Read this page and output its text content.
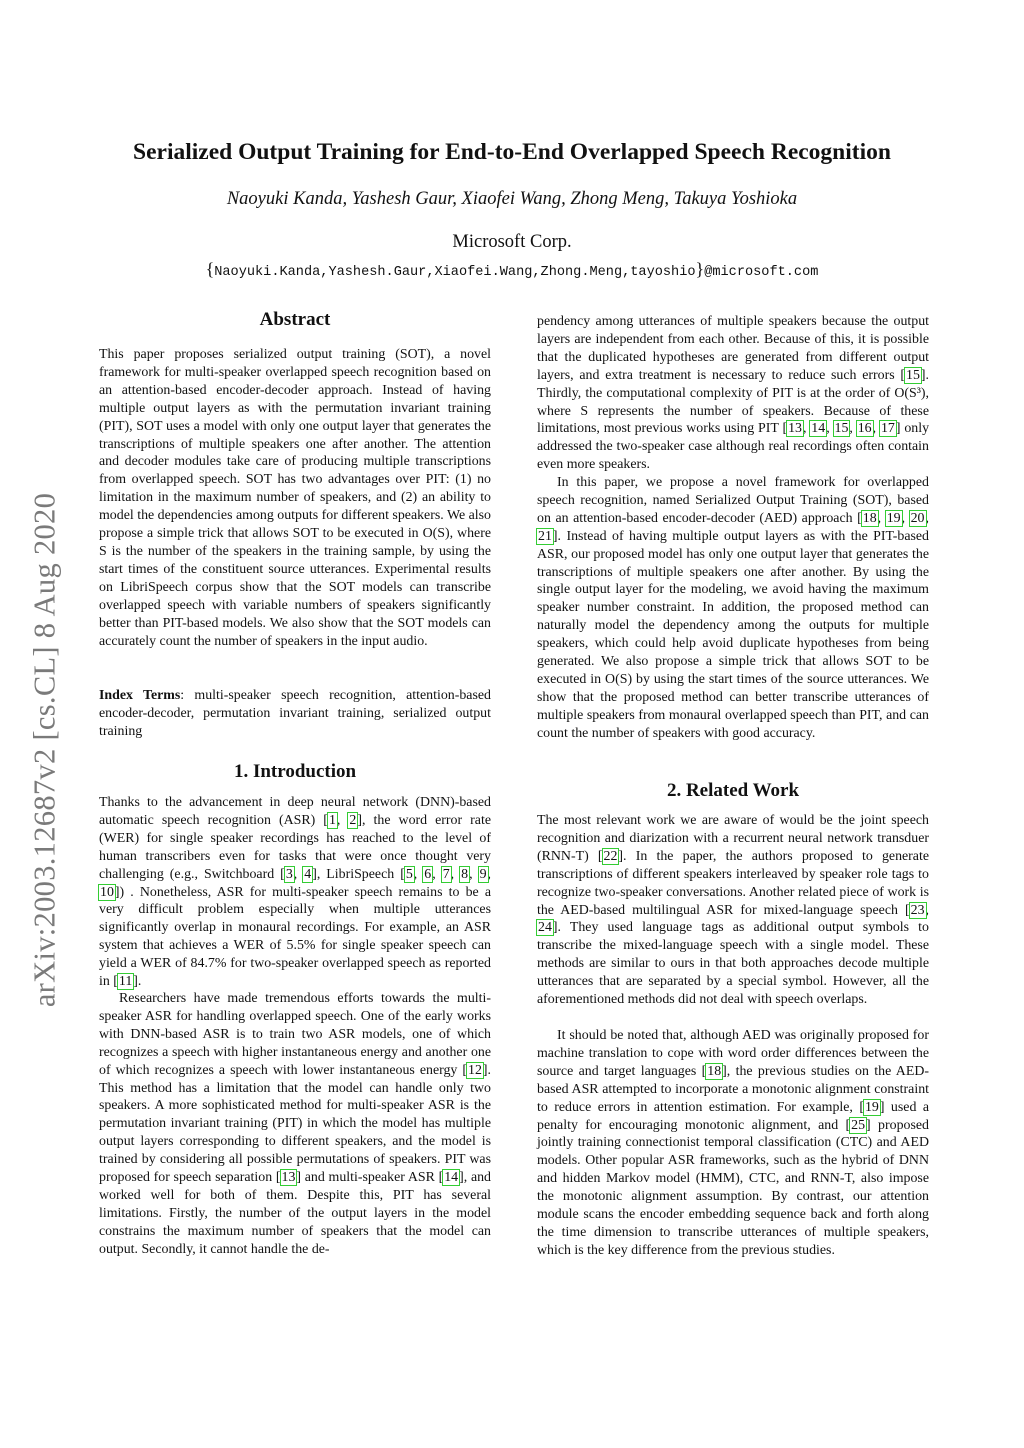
arXiv:2003.12687v2 [cs.CL] 8 Aug 2020
Serialized Output Training for End-to-End Overlapped Speech Recognition
Naoyuki Kanda, Yashesh Gaur, Xiaofei Wang, Zhong Meng, Takuya Yoshioka
Microsoft Corp.
{Naoyuki.Kanda,Yashesh.Gaur,Xiaofei.Wang,Zhong.Meng,tayoshio}@microsoft.com
Abstract

This paper proposes serialized output training (SOT), a novel framework for multi-speaker overlapped speech recognition based on an attention-based encoder-decoder approach. Instead of having multiple output layers as with the permutation invariant training (PIT), SOT uses a model with only one output layer that generates the transcriptions of multiple speakers one after another. The attention and decoder modules take care of producing multiple transcriptions from overlapped speech. SOT has two advantages over PIT: (1) no limitation in the maximum number of speakers, and (2) an ability to model the dependencies among outputs for different speakers. We also propose a simple trick that allows SOT to be executed in O(S), where S is the number of the speakers in the training sample, by using the start times of the constituent source utterances. Experimental results on LibriSpeech corpus show that the SOT models can transcribe overlapped speech with variable numbers of speakers significantly better than PIT-based models. We also show that the SOT models can accurately count the number of speakers in the input audio.

Index Terms: multi-speaker speech recognition, attention-based encoder-decoder, permutation invariant training, serialized output training

1. Introduction

Thanks to the advancement in deep neural network (DNN)-based automatic speech recognition (ASR) [1, 2], the word error rate (WER) for single speaker recordings has reached to the level of human transcribers even for tasks that were once thought very challenging (e.g., Switchboard [3, 4], LibriSpeech [5, 6, 7, 8, 9, 10]) . Nonetheless, ASR for multi-speaker speech remains to be a very difficult problem especially when multiple utterances significantly overlap in monaural recordings. For example, an ASR system that achieves a WER of 5.5% for single speaker speech can yield a WER of 84.7% for two-speaker overlapped speech as reported in [11].

Researchers have made tremendous efforts towards the multi-speaker ASR for handling overlapped speech. One of the early works with DNN-based ASR is to train two ASR models, one of which recognizes a speech with higher instantaneous energy and another one of which recognizes a speech with lower instantaneous energy [12]. This method has a limitation that the model can handle only two speakers. A more sophisticated method for multi-speaker ASR is the permutation invariant training (PIT) in which the model has multiple output layers corresponding to different speakers, and the model is trained by considering all possible permutations of speakers. PIT was proposed for speech separation [13] and multi-speaker ASR [14], and worked well for both of them. Despite this, PIT has several limitations. Firstly, the number of the output layers in the model constrains the maximum number of speakers that the model can output. Secondly, it cannot handle the de-

pendency among utterances of multiple speakers because the output layers are independent from each other. Because of this, it is possible that the duplicated hypotheses are generated from different output layers, and extra treatment is necessary to reduce such errors [15]. Thirdly, the computational complexity of PIT is at the order of O(S³), where S represents the number of speakers. Because of these limitations, most previous works using PIT [13, 14, 15, 16, 17] only addressed the two-speaker case although real recordings often contain even more speakers.

In this paper, we propose a novel framework for overlapped speech recognition, named Serialized Output Training (SOT), based on an attention-based encoder-decoder (AED) approach [18, 19, 20, 21]. Instead of having multiple output layers as with the PIT-based ASR, our proposed model has only one output layer that generates the transcriptions of multiple speakers one after another. By using the single output layer for the modeling, we avoid having the maximum speaker number constraint. In addition, the proposed method can naturally model the dependency among the outputs for multiple speakers, which could help avoid duplicate hypotheses from being generated. We also propose a simple trick that allows SOT to be executed in O(S) by using the start times of the source utterances. We show that the proposed method can better transcribe utterances of multiple speakers from monaural overlapped speech than PIT, and can count the number of speakers with good accuracy.

2. Related Work

The most relevant work we are aware of would be the joint speech recognition and diarization with a recurrent neural network transduer (RNN-T) [22]. In the paper, the authors proposed to generate transcriptions of different speakers interleaved by speaker role tags to recognize two-speaker conversations. Another related piece of work is the AED-based multilingual ASR for mixed-language speech [23, 24]. They used language tags as additional output symbols to transcribe the mixed-language speech with a single model. These methods are similar to ours in that both approaches decode multiple utterances that are separated by a special symbol. However, all the aforementioned methods did not deal with speech overlaps.

It should be noted that, although AED was originally proposed for machine translation to cope with word order differences between the source and target languages [18], the previous studies on the AED-based ASR attempted to incorporate a monotonic alignment constraint to reduce errors in attention estimation. For example, [19] used a penalty for encouraging monotonic alignment, and [25] proposed jointly training connectionist temporal classification (CTC) and AED models. Other popular ASR frameworks, such as the hybrid of DNN and hidden Markov model (HMM), CTC, and RNN-T, also impose the monotonic alignment assumption. By contrast, our attention module scans the encoder embedding sequence back and forth along the time dimension to transcribe utterances of multiple speakers, which is the key difference from the previous studies.
